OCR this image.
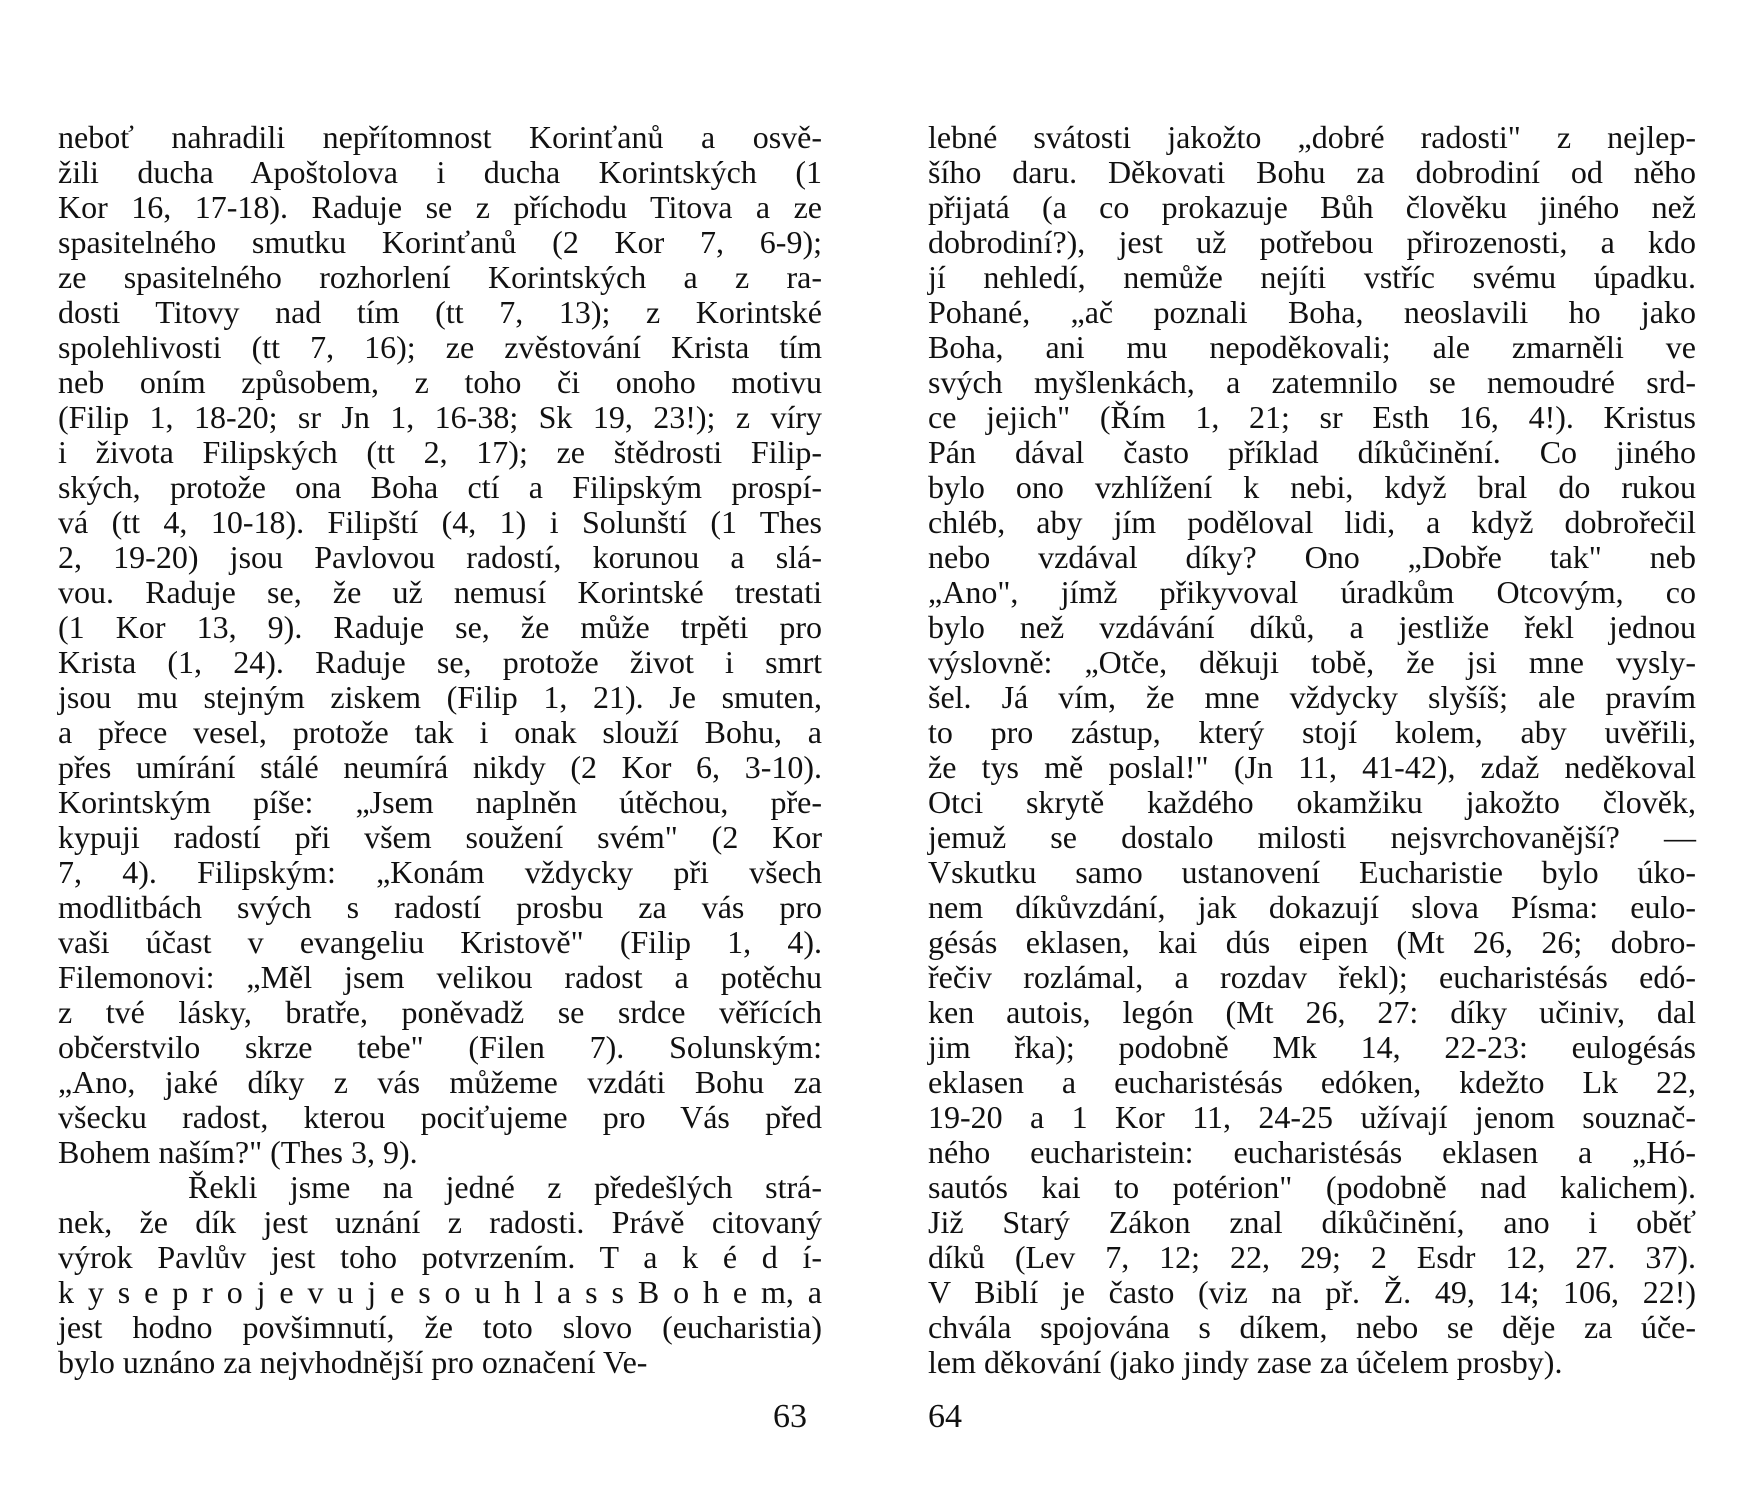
neboť nahradili nepřítomnost Korinťanů a osvě-
žili ducha Apoštolova i ducha Korintských (1
Kor 16, 17-18). Raduje se z příchodu Titova a ze
spasitelného smutku Korinťanů (2 Kor 7, 6-9);
ze spasitelného rozhorlení Korintských a z ra-
dosti Titovy nad tím (tt 7, 13); z Korintské
spolehlivosti (tt 7, 16); ze zvěstování Krista tím
neb oním způsobem, z toho či onoho motivu
(Filip 1, 18-20; sr Jn 1, 16-38; Sk 19, 23!); z víry
i života Filipských (tt 2, 17); ze štědrosti Filip-
ských, protože ona Boha ctí a Filipským prospí-
vá (tt 4, 10-18). Filipští (4, 1) i Solunští (1 Thes
2, 19-20) jsou Pavlovou radostí, korunou a slá-
vou. Raduje se, že už nemusí Korintské trestati
(1 Kor 13, 9). Raduje se, že může trpěti pro
Krista (1, 24). Raduje se, protože život i smrt
jsou mu stejným ziskem (Filip 1, 21). Je smuten,
a přece vesel, protože tak i onak slouží Bohu, a
přes umírání stálé neumírá nikdy (2 Kor 6, 3-10).
Korintským píše: „Jsem naplněn útěchou, pře-
kypuji radostí při všem soužení svém" (2 Kor
7, 4). Filipským: „Konám vždycky při všech
modlitbách svých s radostí prosbu za vás pro
vaši účast v evangeliu Kristově" (Filip 1, 4).
Filemonovi: „Měl jsem velikou radost a potěchu
z tvé lásky, bratře, poněvadž se srdce věřících
občerstvilo skrze tebe" (Filen 7). Solunským:
„Ano, jaké díky z vás můžeme vzdáti Bohu za
všecku radost, kterou pociťujeme pro Vás před
Bohem naším?" (Thes 3, 9).
Řekli jsme na jedné z předešlých strá-
nek, že dík jest uznání z radosti. Právě citovaný
výrok Pavlův jest toho potvrzením. T a k é d í-
k y s e p r o j e v u j e s o u h l a s s B o h e m, a
jest hodno povšimnutí, že toto slovo (eucharistia)
bylo uznáno za nejvhodnější pro označení Ve-
63
lebné svátosti jakožto „dobré radosti" z nejlep-
šího daru. Děkovati Bohu za dobrodiní od něho
přijatá (a co prokazuje Bůh člověku jiného než
dobrodiní?), jest už potřebou přirozenosti, a kdo
jí nehledí, nemůže nejíti vstříc svému úpadku.
Pohané, „ač poznali Boha, neoslavili ho jako
Boha, ani mu nepoděkovali; ale zmarněli ve
svých myšlenkách, a zatemnilo se nemoudré srd-
ce jejich" (Řím 1, 21; sr Esth 16, 4!). Kristus
Pán dával často příklad díkůčinění. Co jiného
bylo ono vzhlížení k nebi, když bral do rukou
chléb, aby jím poděloval lidi, a když dobrořečil
nebo vzdával díky? Ono „Dobře tak" neb
„Ano", jímž přikyvoval úradkům Otcovým, co
bylo než vzdávání díků, a jestliže řekl jednou
výslovně: „Otče, děkuji tobě, že jsi mne vysly-
šel. Já vím, že mne vždycky slyšíš; ale pravím
to pro zástup, který stojí kolem, aby uvěřili,
že tys mě poslal!" (Jn 11, 41-42), zdaž neděkoval
Otci skrytě každého okamžiku jakožto člověk,
jemuž se dostalo milosti nejsvrchovanější? —
Vskutku samo ustanovení Eucharistie bylo úko-
nem díkůvzdání, jak dokazují slova Písma: eulo-
gésás eklasen, kai dús eipen (Mt 26, 26; dobro-
řečiv rozlámal, a rozdav řekl); eucharistésás edó-
ken autois, legón (Mt 26, 27: díky učiniv, dal
jim řka); podobně Mk 14, 22-23: eulogésás
eklasen a eucharistésás edóken, kdežto Lk 22,
19-20 a 1 Kor 11, 24-25 užívají jenom souznač-
ného eucharistein: eucharistésás eklasen a „Hó-
sautós kai to potérion" (podobně nad kalichem).
Již Starý Zákon znal díkůčinění, ano i oběť
díků (Lev 7, 12; 22, 29; 2 Esdr 12, 27. 37).
V Biblí je často (viz na př. Ž. 49, 14; 106, 22!)
chvála spojována s díkem, nebo se děje za úče-
lem děkování (jako jindy zase za účelem prosby).
64
